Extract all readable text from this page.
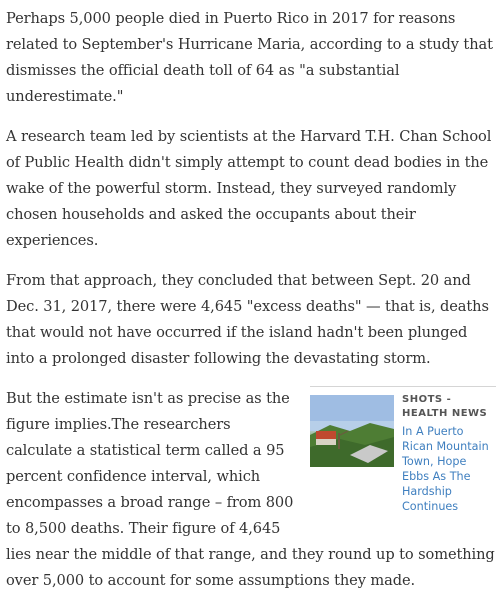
Perhaps 5,000 people died in Puerto Rico in 2017 for reasons related to September's Hurricane Maria, according to a study that dismisses the official death toll of 64 as "a substantial underestimate."

A research team led by scientists at the Harvard T.H. Chan School of Public Health didn't simply attempt to count dead bodies in the wake of the powerful storm. Instead, they surveyed randomly chosen households and asked the occupants about their experiences.

From that approach, they concluded that between Sept. 20 and Dec. 31, 2017, there were 4,645 "excess deaths" — that is, deaths that would not have occurred if the island hadn't been plunged into a prolonged disaster following the devastating storm.

SHOTS -
HEALTH NEWS
In A Puerto Rican Mountain Town, Hope Ebbs As The Hardship Continues

But the estimate isn't as precise as the figure implies.The researchers calculate a statistical term called a 95 percent confidence interval, which encompasses a broad range – from 800 to 8,500 deaths. Their figure of 4,645 lies near the middle of that range, and they round up to something over 5,000 to account for some assumptions they made.
